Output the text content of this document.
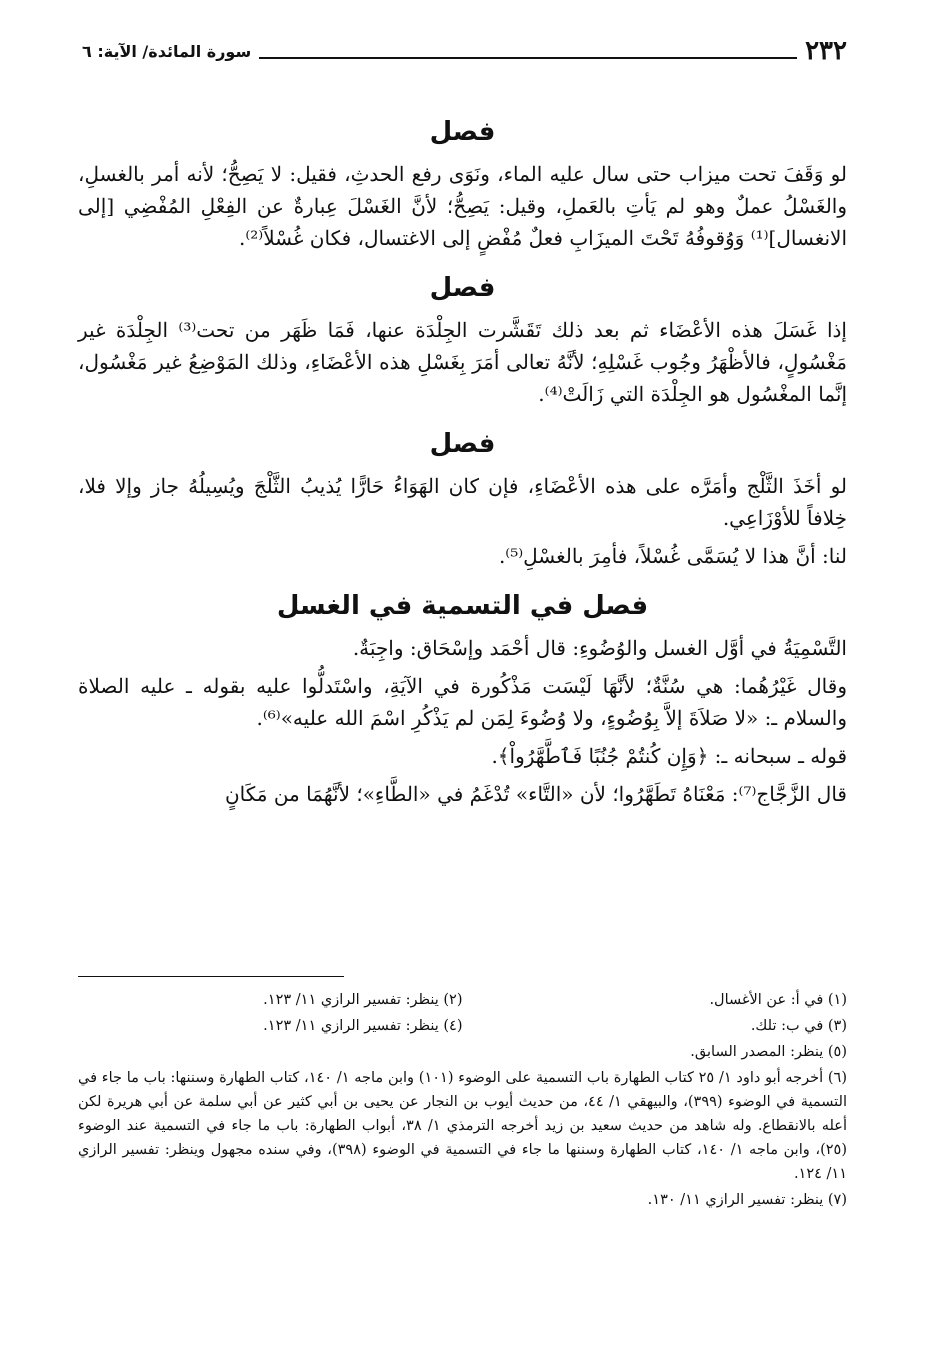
٢٣٢
سورة المائدة/ الآية: ٦
فصل

لو وَقَفَ تحت ميزاب حتى سال عليه الماء، ونَوَى رفع الحدثِ، فقيل: لا يَصِحُّ؛ لأنه أمر بالغسلِ، والغَسْلُ عملٌ وهو لم يَأتِ بالعَملِ، وقيل: يَصِحُّ؛ لأنَّ الغَسْلَ عِبارةٌ عن الفِعْلِ المُفْضِي [إلى الانغسال]⁽¹⁾ وَوُقوفُهُ تَحْتَ الميزَابِ فعلٌ مُفْضٍ إلى الاغتسال، فكان غُسْلاً⁽²⁾.

فصل

إذا غَسَلَ هذه الأعْضَاء ثم بعد ذلك تَقَشَّرت الجِلْدَة عنها، فَمَا ظَهَر من تحت⁽³⁾ الجِلْدَة غير مَغْسُولٍ، فالأظْهَرُ وجُوب غَسْلِهِ؛ لأنَّهُ تعالى أمَرَ بِغَسْلِ هذه الأعْضَاءِ، وذلك المَوْضِعُ غير مَغْسُول، إنَّما المغْسُول هو الجِلْدَة التي زَالَتْ⁽⁴⁾.

فصل

لو أخَذَ الثَّلْج وأمَرَّه على هذه الأعْضَاءِ، فإن كان الهَوَاءُ حَارًّا يُذيبُ الثَّلْجَ ويُسِيلُهُ جاز وإلا فلا، خِلافاً للأوْزَاعِي.

لنا: أنَّ هذا لا يُسَمَّى غُسْلاً، فأمِرَ بالغسْلِ⁽⁵⁾.

فصل في التسمية في الغسل

التَّسْمِيَةُ في أوَّل الغسل والوُضُوءِ: قال أحْمَد وإسْحَاق: واجِبَةٌ.

وقال غَيْرُهُما: هي سُنَّةٌ؛ لأنَّهَا لَيْسَت مَذْكُورة في الآيَةِ، واسْتَدلُّوا عليه بقوله ـ عليه الصلاة والسلام ـ: «لا صَلاَةَ إلاَّ بِوُضُوءٍ، ولا وُضُوءَ لِمَن لم يَذْكُرِ اسْمَ الله عليه»⁽⁶⁾.

قوله ـ سبحانه ـ: ﴿وَإِن كُنتُمْ جُنُبًا فَٱطَّهَّرُواْ﴾.

قال الزَّجَّاج⁽⁷⁾: مَعْنَاهُ تَطَهَّرُوا؛ لأن «التَّاء» تُدْغَمُ في «الطَّاءِ»؛ لأنَّهُمَا من مَكَانٍ

(١) في أ: عن الأغسال.
(٢) ينظر: تفسير الرازي ١١/ ١٢٣.
(٣) في ب: تلك.
(٤) ينظر: تفسير الرازي ١١/ ١٢٣.
(٥) ينظر: المصدر السابق.
(٦) أخرجه أبو داود ١/ ٢٥ كتاب الطهارة باب التسمية على الوضوء (١٠١) وابن ماجه ١/ ١٤٠، كتاب الطهارة وسننها: باب ما جاء في التسمية في الوضوء (٣٩٩)، والبيهقي ١/ ٤٤، من حديث أيوب بن النجار عن يحيى بن أبي كثير عن أبي سلمة عن أبي هريرة لكن أعله بالانقطاع. وله شاهد من حديث سعيد بن زيد أخرجه الترمذي ١/ ٣٨، أبواب الطهارة: باب ما جاء في التسمية عند الوضوء (٢٥)، وابن ماجه ١/ ١٤٠، كتاب الطهارة وسننها ما جاء في التسمية في الوضوء (٣٩٨)، وفي سنده مجهول وينظر: تفسير الرازي ١١/ ١٢٤.
(٧) ينظر: تفسير الرازي ١١/ ١٣٠.
